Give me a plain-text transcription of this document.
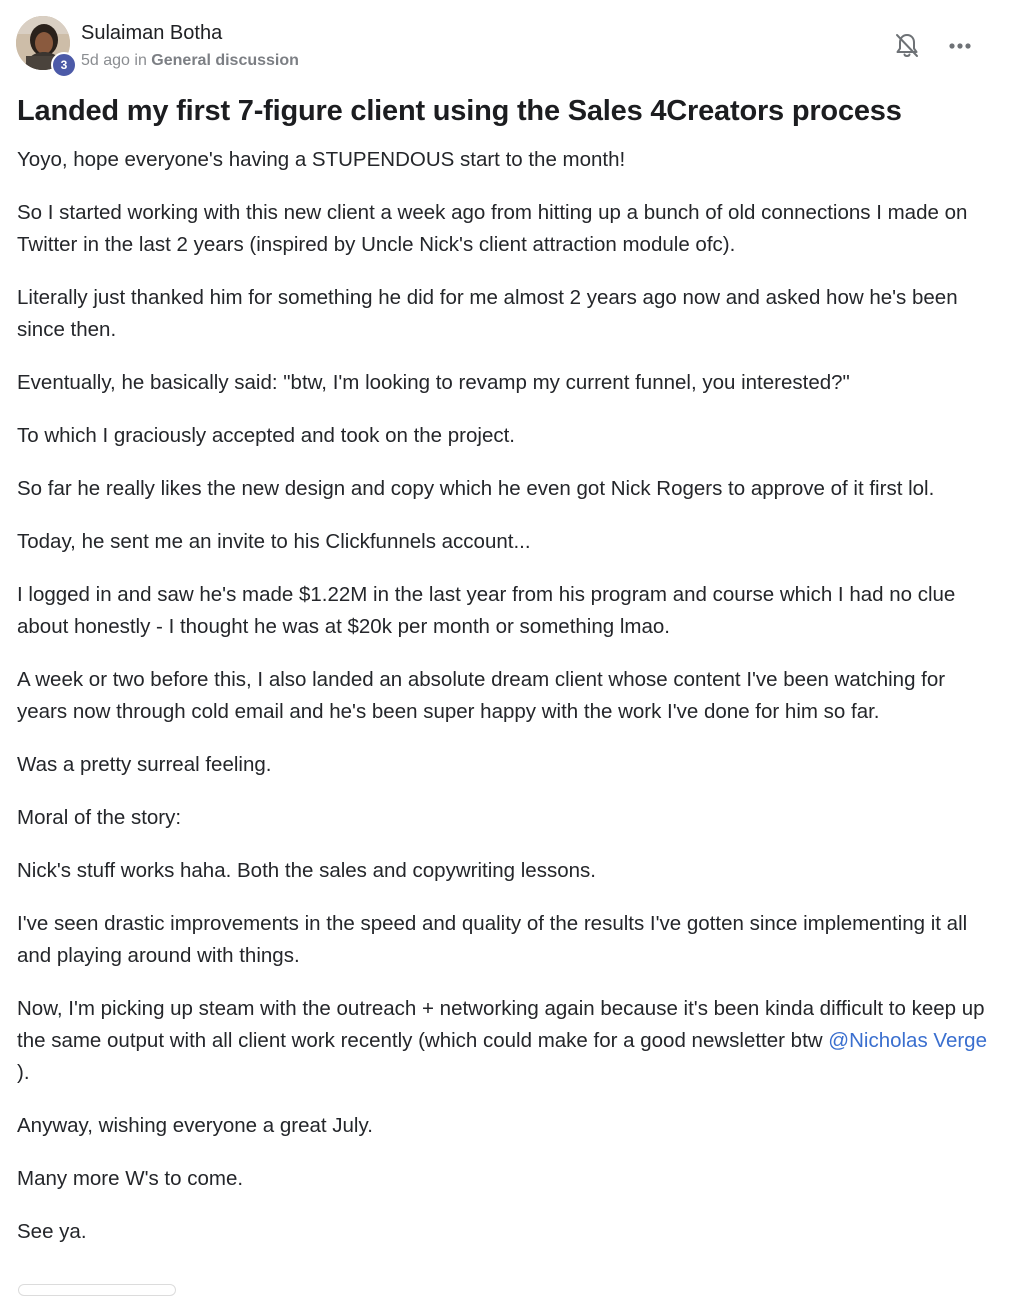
3
Sulaiman Botha
5d ago in General discussion
Landed my first 7-figure client using the Sales 4Creators process

Yoyo, hope everyone's having a STUPENDOUS start to the month!

So I started working with this new client a week ago from hitting up a bunch of old connections I made on Twitter in the last 2 years (inspired by Uncle Nick's client attraction module ofc).

Literally just thanked him for something he did for me almost 2 years ago now and asked how he's been since then.

Eventually, he basically said: "btw, I'm looking to revamp my current funnel, you interested?"

To which I graciously accepted and took on the project.

So far he really likes the new design and copy which he even got Nick Rogers to approve of it first lol.

Today, he sent me an invite to his Clickfunnels account...

I logged in and saw he's made $1.22M in the last year from his program and course which I had no clue about honestly - I thought he was at $20k per month or something lmao.

A week or two before this, I also landed an absolute dream client whose content I've been watching for years now through cold email and he's been super happy with the work I've done for him so far.

Was a pretty surreal feeling.

Moral of the story:

Nick's stuff works haha. Both the sales and copywriting lessons.

I've seen drastic improvements in the speed and quality of the results I've gotten since implementing it all and playing around with things.

Now, I'm picking up steam with the outreach + networking again because it's been kinda difficult to keep up the same output with all client work recently (which could make for a good newsletter btw @Nicholas Verge ).

Anyway, wishing everyone a great July.

Many more W's to come.

See ya.
